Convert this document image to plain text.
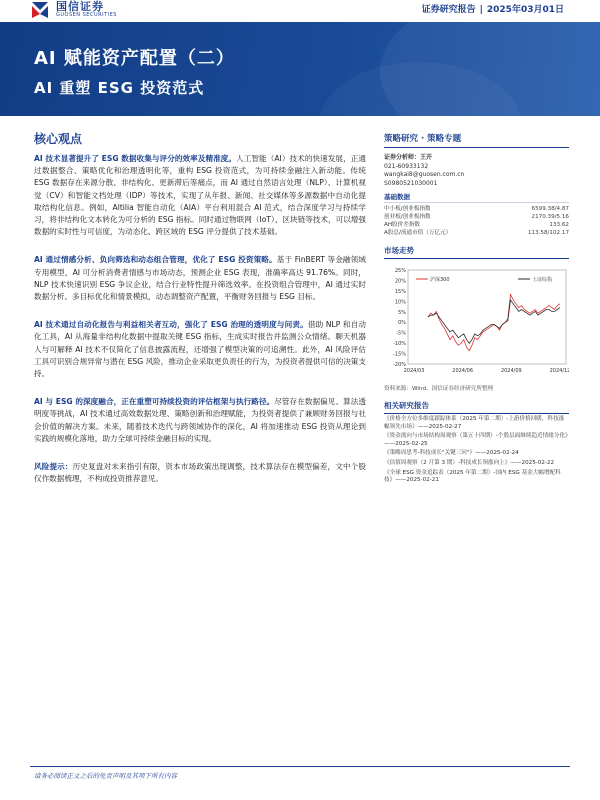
国信证券
GUOSEN SECURITIES	证券研究报告 | 2025年03月01日
AI 赋能资产配置（二）
AI 重塑 ESG 投资范式
核心观点

AI 技术显著提升了 ESG 数据收集与评分的效率及精准度。人工智能（AI）技术的快速发展，正通过数据整合、策略优化和治理透明化等，重构 ESG 投资范式，为可持续金融注入新动能。传统 ESG 数据存在来源分散、非结构化、更新滞后等痛点，而 AI 通过自然语言处理（NLP）、计算机视觉（CV）和智能文档处理（IDP）等技术，实现了从年报、新闻、社交媒体等多源数据中自动化提取结构化信息。例如，Altilia 智能自动化（AIA）平台利用混合 AI 范式，结合深度学习与持续学习，将非结构化文本转化为可分析的 ESG 指标。同时通过物联网（IoT）、区块链等技术，可以增强数据的实时性与可信度，为动态化、跨区域的 ESG 评分提供了技术基础。

AI 通过情感分析、负向筛选和动态组合管理，优化了 ESG 投资策略。基于 FinBERT 等金融领域专用模型，AI 可分析消费者情感与市场动态，预测企业 ESG 表现，准确率高达 91.76%。同时，NLP 技术快速识别 ESG 争议企业，结合行业特性提升筛选效率。在投资组合管理中，AI 通过实时数据分析、多目标优化和情景模拟，动态调整资产配置，平衡财务回报与 ESG 目标。

AI 技术通过自动化报告与利益相关者互动，强化了 ESG 治理的透明度与问责。借助 NLP 和自动化工具，AI 从海量非结构化数据中提取关键 ESG 指标，生成实时报告并监测公众情绪。聊天机器人与可解释 AI 技术不仅简化了信息披露流程，还增强了模型决策的可追溯性。此外，AI 风险评估工具可识别合规异常与潜在 ESG 风险，推动企业采取更负责任的行为，为投资者提供可信的决策支持。

AI 与 ESG 的深度融合，正在重塑可持续投资的评估框架与执行路径。尽管存在数据偏见、算法透明度等挑战，AI 技术通过高效数据处理、策略创新和治理赋能，为投资者提供了兼顾财务回报与社会价值的解决方案。未来，随着技术迭代与跨领域协作的深化，AI 将加速推动 ESG 投资从理论到实践的规模化落地，助力全球可持续金融目标的实现。

风险提示：历史复盘对未来指引有限，资本市场政策出现调整，技术算法存在模型偏差，文中个股仅作数据梳理，不构成投资推荐意见。

策略研究 · 策略专题
证券分析师：王开
021-60933132
wangkai8@guosen.com.cn
S0980521030001
基础数据
中小板/创业板指数	6599.38/4.87
创业板/创业板指数	2170.39/5.16
AH股价差指数	133.62
A股总/流通市值（万亿元）	113.58/102.17
市场走势
25%
20%
15%
10%
5%
0%
-5%
-10%
-15%
-20%
2024/03	2024/06	2024/09	2024/12
沪深300	上证综指
资料来源：Wind、国信证券经济研究所整理
相关研究报告
《价格全方位多维度跟踪体系（2025 年第二期）-上游价格回暖，科技涨幅领先市场》——2025-02-27
《资金流向与市场结构周观察（第五十四期）-个股层面继续趋近情绪分化》——2025-02-25
《策略周思考-科技成长"关键三问"》——2025-02-24
《估值周观察（2 月第 3 期）-科技成长领涨向上》——2025-02-22
《全球 ESG 资金追踪表（2025 年第二期）-国内 ESG 基金大幅增配科技》——2025-02-21
请务必阅读正文之后的免责声明及其项下所有内容
